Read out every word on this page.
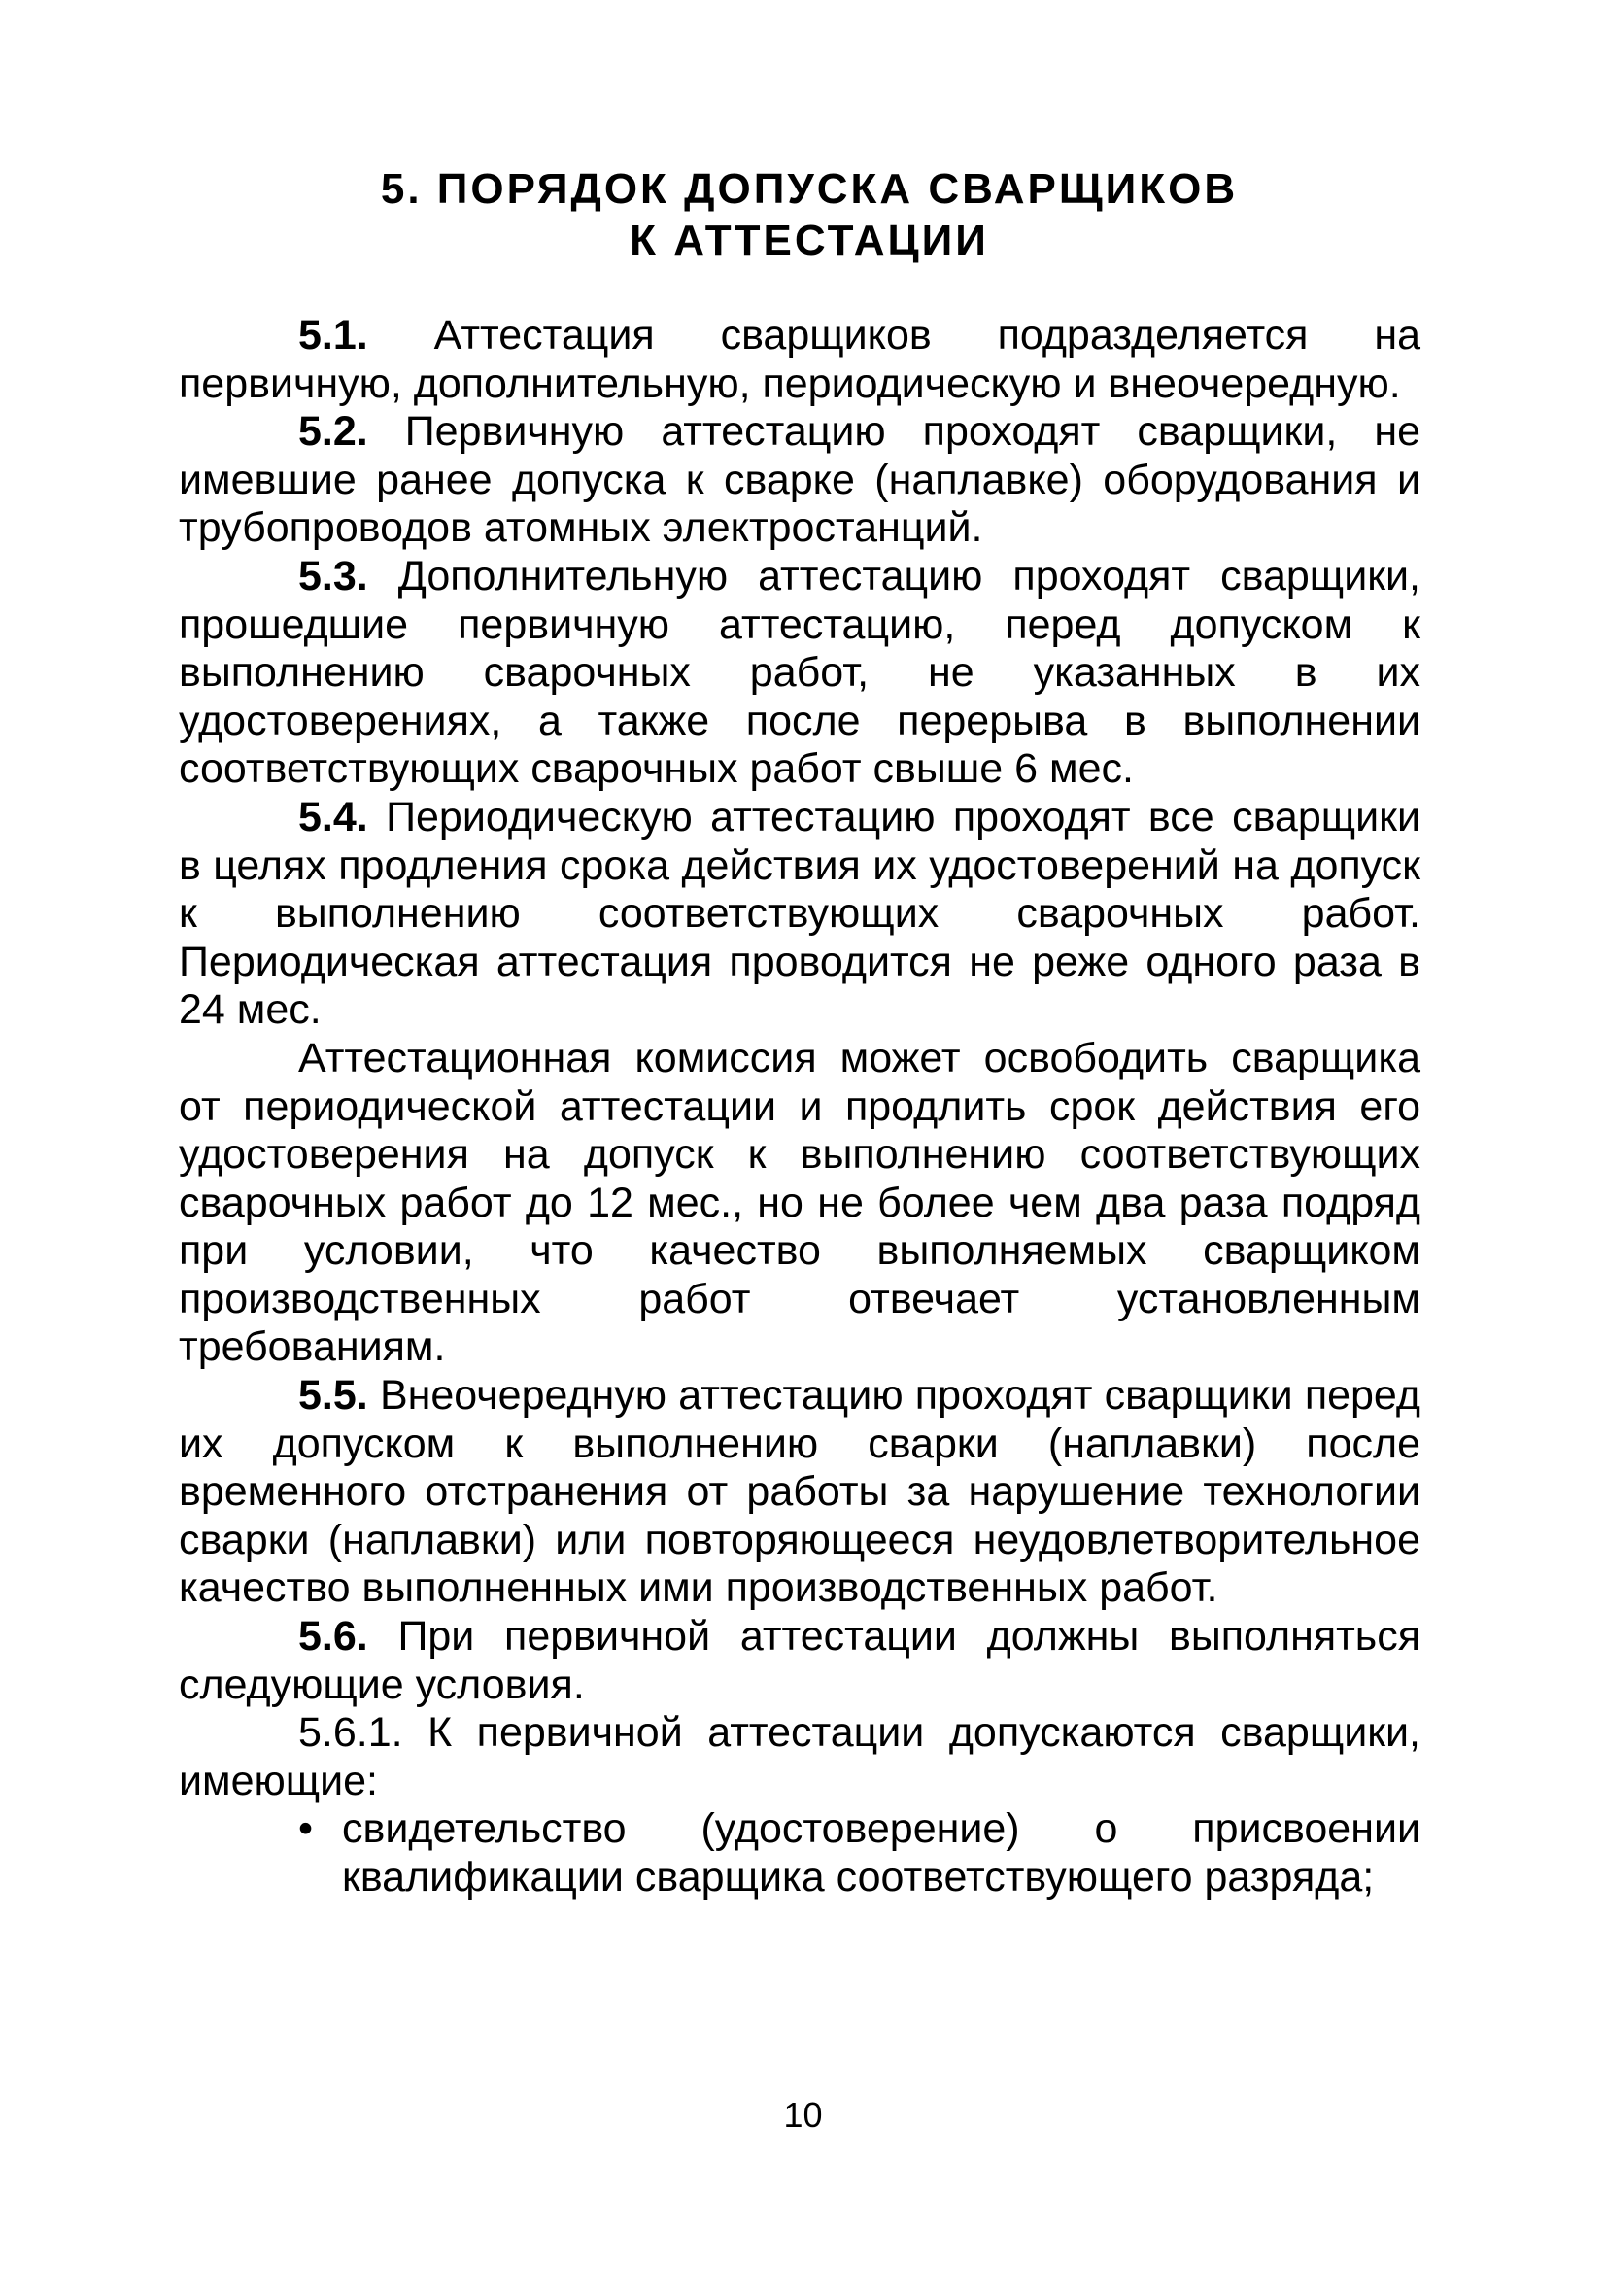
5. ПОРЯДОК ДОПУСКА СВАРЩИКОВ
К АТТЕСТАЦИИ

5.1. Аттестация сварщиков подразделяется на первичную, дополнительную, периодическую и внеочередную.

5.2. Первичную аттестацию проходят сварщики, не имевшие ранее допуска к сварке (наплавке) оборудования и трубопроводов атомных электростанций.

5.3. Дополнительную аттестацию проходят сварщики, прошедшие первичную аттестацию, перед допуском к выполнению сварочных работ, не указанных в их удостоверениях, а также после перерыва в выполнении соответствующих сварочных работ свыше 6 мес.

5.4. Периодическую аттестацию проходят все сварщики в целях продления срока действия их удостоверений на допуск к выполнению соответствующих сварочных работ. Периодическая аттестация проводится не реже одного раза в 24 мес.

Аттестационная комиссия может освободить сварщика от периодической аттестации и продлить срок действия его удостоверения на допуск к выполнению соответствующих сварочных работ до 12 мес., но не более чем два раза подряд при условии, что качество выполняемых сварщиком производственных работ отвечает установленным требованиям.

5.5. Внеочередную аттестацию проходят сварщики перед их допуском к выполнению сварки (наплавки) после временного отстранения от работы за нарушение технологии сварки (наплавки) или повторяющееся неудовлетворительное качество выполненных ими производственных работ.

5.6. При первичной аттестации должны выполняться следующие условия.

5.6.1. К первичной аттестации допускаются сварщики, имеющие:

• свидетельство (удостоверение) о присвоении квалификации сварщика соответствующего разряда;
10
